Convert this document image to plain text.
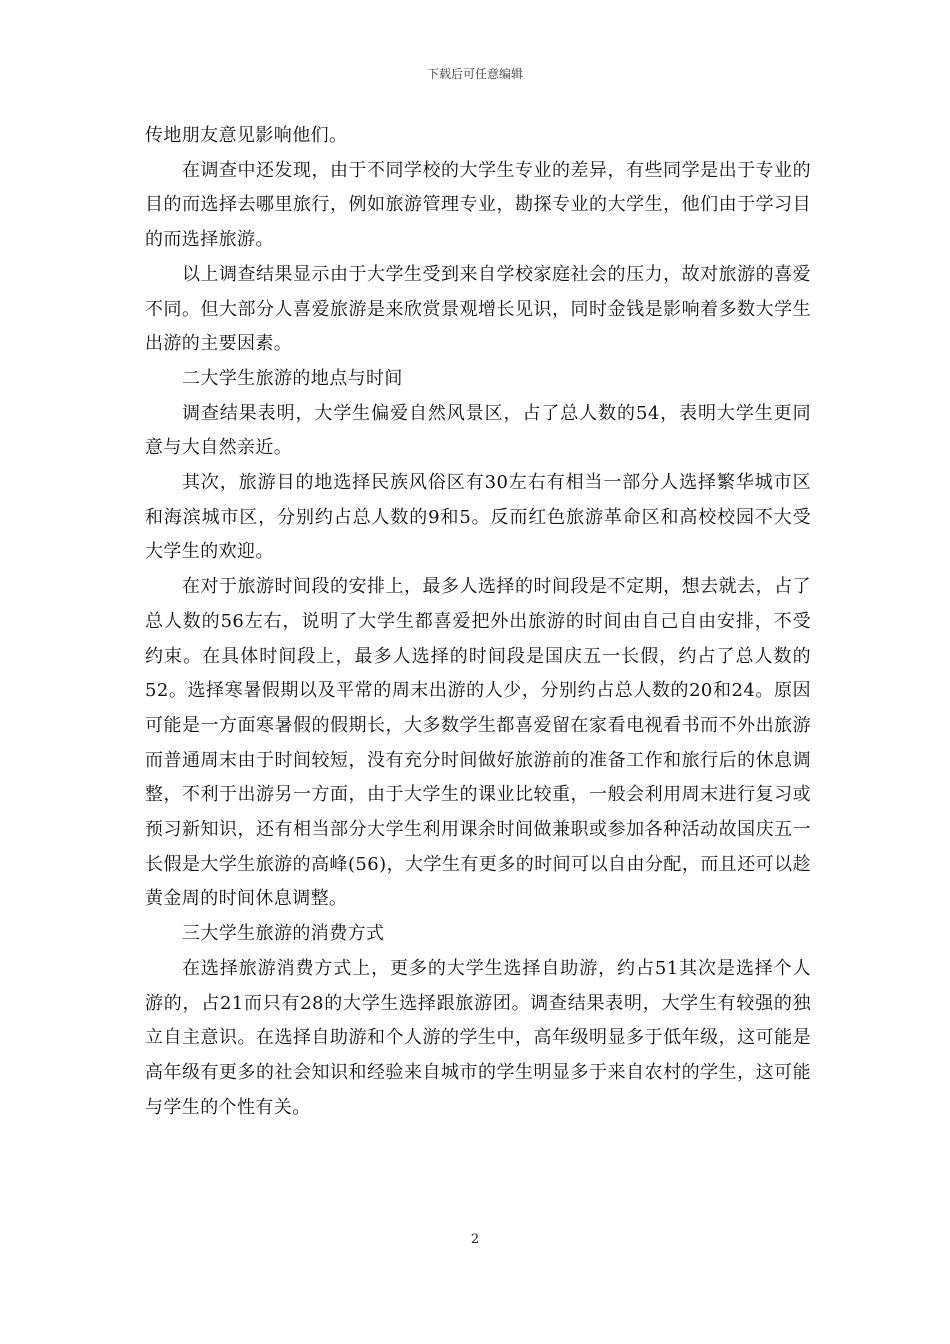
下载后可任意编辑

传地朋友意见影响他们。

在调查中还发现，由于不同学校的大学生专业的差异，有些同学是出于专业的目的而选择去哪里旅行，例如旅游管理专业，勘探专业的大学生，他们由于学习目的而选择旅游。

以上调查结果显示由于大学生受到来自学校家庭社会的压力，故对旅游的喜爱不同。但大部分人喜爱旅游是来欣赏景观增长见识，同时金钱是影响着多数大学生出游的主要因素。

二大学生旅游的地点与时间

调查结果表明，大学生偏爱自然风景区，占了总人数的54，表明大学生更同意与大自然亲近。

其次，旅游目的地选择民族风俗区有30左右有相当一部分人选择繁华城市区和海滨城市区，分别约占总人数的9和5。反而红色旅游革命区和高校校园不大受大学生的欢迎。

在对于旅游时间段的安排上，最多人选择的时间段是不定期，想去就去，占了总人数的56左右，说明了大学生都喜爱把外出旅游的时间由自己自由安排，不受约束。在具体时间段上，最多人选择的时间段是国庆五一长假，约占了总人数的52。选择寒暑假期以及平常的周末出游的人少，分别约占总人数的20和24。原因可能是一方面寒暑假的假期长，大多数学生都喜爱留在家看电视看书而不外出旅游而普通周末由于时间较短，没有充分时间做好旅游前的准备工作和旅行后的休息调整，不利于出游另一方面，由于大学生的课业比较重，一般会利用周末进行复习或预习新知识，还有相当部分大学生利用课余时间做兼职或参加各种活动故国庆五一长假是大学生旅游的高峰(56)，大学生有更多的时间可以自由分配，而且还可以趁黄金周的时间休息调整。

三大学生旅游的消费方式

在选择旅游消费方式上，更多的大学生选择自助游，约占51其次是选择个人游的，占21而只有28的大学生选择跟旅游团。调查结果表明，大学生有较强的独立自主意识。在选择自助游和个人游的学生中，高年级明显多于低年级，这可能是高年级有更多的社会知识和经验来自城市的学生明显多于来自农村的学生，这可能与学生的个性有关。

2
